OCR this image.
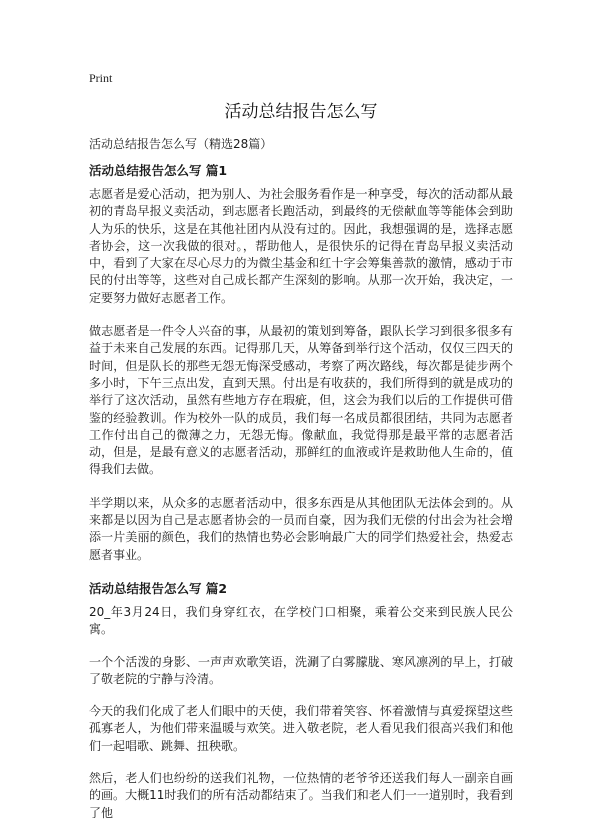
Print
活动总结报告怎么写
活动总结报告怎么写（精选28篇）
活动总结报告怎么写 篇1

志愿者是爱心活动，把为别人、为社会服务看作是一种享受，每次的活动都从最初的青岛早报义卖活动，到志愿者长跑活动，到最终的无偿献血等等能体会到助人为乐的快乐，这是在其他社团内从没有过的。因此，我想强调的是，选择志愿者协会，这一次我做的很对。，帮助他人，是很快乐的记得在青岛早报义卖活动中，看到了大家在尽心尽力的为微尘基金和红十字会筹集善款的激情，感动于市民的付出等等，这些对自己成长都产生深刻的影响。从那一次开始，我决定，一定要努力做好志愿者工作。

做志愿者是一件令人兴奋的事，从最初的策划到筹备，跟队长学习到很多很多有益于未来自己发展的东西。记得那几天，从筹备到举行这个活动，仅仅三四天的时间，但是队长的那些无怨无悔深受感动，考察了两次路线，每次都是徒步两个多小时，下午三点出发，直到天黑。付出是有收获的，我们所得到的就是成功的举行了这次活动，虽然有些地方存在瑕疵，但，这会为我们以后的工作提供可借鉴的经验教训。作为校外一队的成员，我们每一名成员都很团结，共同为志愿者工作付出自己的微薄之力，无怨无悔。像献血，我觉得那是最平常的志愿者活动，但是，是最有意义的志愿者活动，那鲜红的血液或许是救助他人生命的，值得我们去做。

半学期以来，从众多的志愿者活动中，很多东西是从其他团队无法体会到的。从来都是以因为自己是志愿者协会的一员而自豪，因为我们无偿的付出会为社会增添一片美丽的颜色，我们的热情也势必会影响最广大的同学们热爱社会，热爱志愿者事业。

活动总结报告怎么写 篇2

20_年3月24日，我们身穿红衣，在学校门口相聚，乘着公交来到民族人民公寓。

一个个活泼的身影、一声声欢歌笑语，洗涮了白雾朦胧、寒风凛冽的早上，打破了敬老院的宁静与泠清。

今天的我们化成了老人们眼中的天使，我们带着笑容、怀着激情与真爱探望这些孤寡老人，为他们带来温暖与欢笑。进入敬老院，老人看见我们很高兴我们和他们一起唱歌、跳舞、扭秧歌。

然后，老人们也纷纷的送我们礼物，一位热情的老爷爷还送我们每人一副亲自画的画。大概11时我们的所有活动都结束了。当我们和老人们一一道别时，我看到了他
